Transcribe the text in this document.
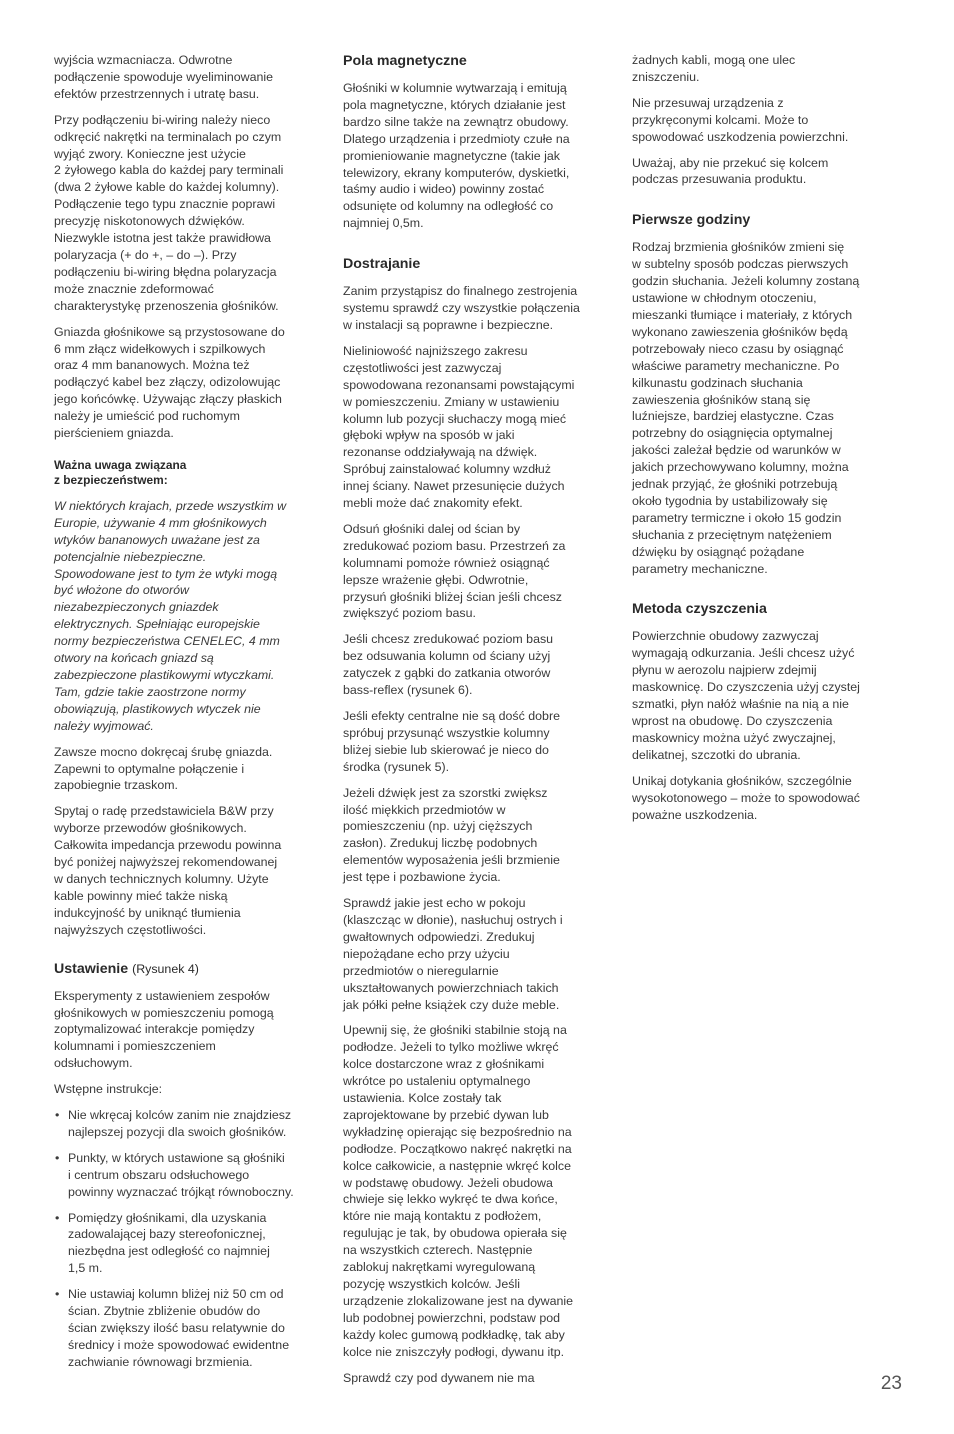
wyjścia wzmacniacza. Odwrotne
podłączenie spowoduje wyeliminowanie
efektów przestrzennych i utratę basu.

Przy podłączeniu bi-wiring należy nieco
odkręcić nakrętki na terminalach po czym
wyjąć zwory. Konieczne jest użycie
2 żyłowego kabla do każdej pary terminali
(dwa 2 żyłowe kable do każdej kolumny).
Podłączenie tego typu znacznie poprawi
precyzję niskotonowych dźwięków.
Niezwykle istotna jest także prawidłowa
polaryzacja (+ do +, – do –). Przy
podłączeniu bi-wiring błędna polaryzacja
może znacznie zdeformować
charakterystykę przenoszenia głośników.

Gniazda głośnikowe są przystosowane do
6 mm złącz widełkowych i szpilkowych
oraz 4 mm bananowych. Można też
podłączyć kabel bez złączy, odizolowując
jego końcówkę. Używając złączy płaskich
należy je umieścić pod ruchomym
pierścieniem gniazda.

Ważna uwaga związana
z bezpieczeństwem:

W niektórych krajach, przede wszystkim w
Europie, używanie 4 mm głośnikowych
wtyków bananowych uważane jest za
potencjalnie niebezpieczne.
Spowodowane jest to tym że wtyki mogą
być włożone do otworów
niezabezpieczonych gniazdek
elektrycznych. Spełniając europejskie
normy bezpieczeństwa CENELEC, 4 mm
otwory na końcach gniazd są
zabezpieczone plastikowymi wtyczkami.
Tam, gdzie takie zaostrzone normy
obowiązują, plastikowych wtyczek nie
należy wyjmować.

Zawsze mocno dokręcaj śrubę gniazda.
Zapewni to optymalne połączenie i
zapobiegnie trzaskom.

Spytaj o radę przedstawiciela B&W przy
wyborze przewodów głośnikowych.
Całkowita impedancja przewodu powinna
być poniżej najwyższej rekomendowanej
w danych technicznych kolumny. Użyte
kable powinny mieć także niską
indukcyjność by uniknąć tłumienia
najwyższych częstotliwości.

Ustawienie (Rysunek 4)

Eksperymenty z ustawieniem zespołów
głośnikowych w pomieszczeniu pomogą
zoptymalizować interakcje pomiędzy
kolumnami i pomieszczeniem
odsłuchowym.

Wstępne instrukcje:

• Nie wkręcaj kolców zanim nie znajdziesz
najlepszej pozycji dla swoich głośników.
• Punkty, w których ustawione są głośniki
i centrum obszaru odsłuchowego
powinny wyznaczać trójkąt równoboczny.
• Pomiędzy głośnikami, dla uzyskania
zadowalającej bazy stereofonicznej,
niezbędna jest odległość co najmniej
1,5 m.
• Nie ustawiaj kolumn bliżej niż 50 cm od
ścian. Zbytnie zbliżenie obudów do
ścian zwiększy ilość basu relatywnie do
średnicy i może spowodować ewidentne
zachwianie równowagi brzmienia.
Pola magnetyczne

Głośniki w kolumnie wytwarzają i emitują
pola magnetyczne, których działanie jest
bardzo silne także na zewnątrz obudowy.
Dlatego urządzenia i przedmioty czułe na
promieniowanie magnetyczne (takie jak
telewizory, ekrany komputerów, dyskietki,
taśmy audio i wideo) powinny zostać
odsunięte od kolumny na odległość co
najmniej 0,5m.

Dostrajanie

Zanim przystąpisz do finalnego zestrojenia
systemu sprawdź czy wszystkie połączenia
w instalacji są poprawne i bezpieczne.

Nieliniowość najniższego zakresu
częstotliwości jest zazwyczaj
spowodowana rezonansami powstającymi
w pomieszczeniu. Zmiany w ustawieniu
kolumn lub pozycji słuchaczy mogą mieć
głęboki wpływ na sposób w jaki
rezonanse oddziaływają na dźwięk.
Spróbuj zainstalować kolumny wzdłuż
innej ściany. Nawet przesunięcie dużych
mebli może dać znakomity efekt.

Odsuń głośniki dalej od ścian by
zredukować poziom basu. Przestrzeń za
kolumnami pomoże również osiągnąć
lepsze wrażenie głębi. Odwrotnie,
przysuń głośniki bliżej ścian jeśli chcesz
zwiększyć poziom basu.

Jeśli chcesz zredukować poziom basu
bez odsuwania kolumn od ściany użyj
zatyczek z gąbki do zatkania otworów
bass-reflex (rysunek 6).

Jeśli efekty centralne nie są dość dobre
spróbuj przysunąć wszystkie kolumny
bliżej siebie lub skierować je nieco do
środka (rysunek 5).

Jeżeli dźwięk jest za szorstki zwiększ
ilość miękkich przedmiotów w
pomieszczeniu (np. użyj cięższych
zasłon). Zredukuj liczbę podobnych
elementów wyposażenia jeśli brzmienie
jest tępe i pozbawione życia.

Sprawdź jakie jest echo w pokoju
(klaszcząc w dłonie), nasłuchuj ostrych i
gwałtownych odpowiedzi. Zredukuj
niepożądane echo przy użyciu
przedmiotów o nieregularnie
ukształtowanych powierzchniach takich
jak półki pełne książek czy duże meble.

Upewnij się, że głośniki stabilnie stoją na
podłodze. Jeżeli to tylko możliwe wkręć
kolce dostarczone wraz z głośnikami
wkrótce po ustaleniu optymalnego
ustawienia. Kolce zostały tak
zaprojektowane by przebić dywan lub
wykładzinę opierając się bezpośrednio na
podłodze. Początkowo nakręć nakrętki na
kolce całkowicie, a następnie wkręć kolce
w podstawę obudowy. Jeżeli obudowa
chwieje się lekko wykręć te dwa końce,
które nie mają kontaktu z podłożem,
regulując je tak, by obudowa opierała się
na wszystkich czterech. Następnie
zablokuj nakrętkami wyregulowaną
pozycję wszystkich kolców. Jeśli
urządzenie zlokalizowane jest na dywanie
lub podobnej powierzchni, podstaw pod
każdy kolec gumową podkładkę, tak aby
kolce nie zniszczyły podłogi, dywanu itp.

Sprawdź czy pod dywanem nie ma

żadnych kabli, mogą one ulec
zniszczeniu.

Nie przesuwaj urządzenia z
przykręconymi kolcami. Może to
spowodować uszkodzenia powierzchni.

Uważaj, aby nie przekuć się kolcem
podczas przesuwania produktu.

Pierwsze godziny

Rodzaj brzmienia głośników zmieni się
w subtelny sposób podczas pierwszych
godzin słuchania. Jeżeli kolumny zostaną
ustawione w chłodnym otoczeniu,
mieszanki tłumiące i materiały, z których
wykonano zawieszenia głośników będą
potrzebowały nieco czasu by osiągnąć
właściwe parametry mechaniczne. Po
kilkunastu godzinach słuchania
zawieszenia głośników staną się
luźniejsze, bardziej elastyczne. Czas
potrzebny do osiągnięcia optymalnej
jakości zależał będzie od warunków w
jakich przechowywano kolumny, można
jednak przyjąć, że głośniki potrzebują
około tygodnia by ustabilizowały się
parametry termiczne i około 15 godzin
słuchania z przeciętnym natężeniem
dźwięku by osiągnąć pożądane
parametry mechaniczne.

Metoda czyszczenia

Powierzchnie obudowy zazwyczaj
wymagają odkurzania. Jeśli chcesz użyć
płynu w aerozolu najpierw zdejmij
maskownicę. Do czyszczenia użyj czystej
szmatki, płyn nałóż właśnie na nią a nie
wprost na obudowę. Do czyszczenia
maskownicy można użyć zwyczajnej,
delikatnej, szczotki do ubrania.

Unikaj dotykania głośników, szczególnie
wysokotonowego – może to spowodować
poważne uszkodzenia.

23
